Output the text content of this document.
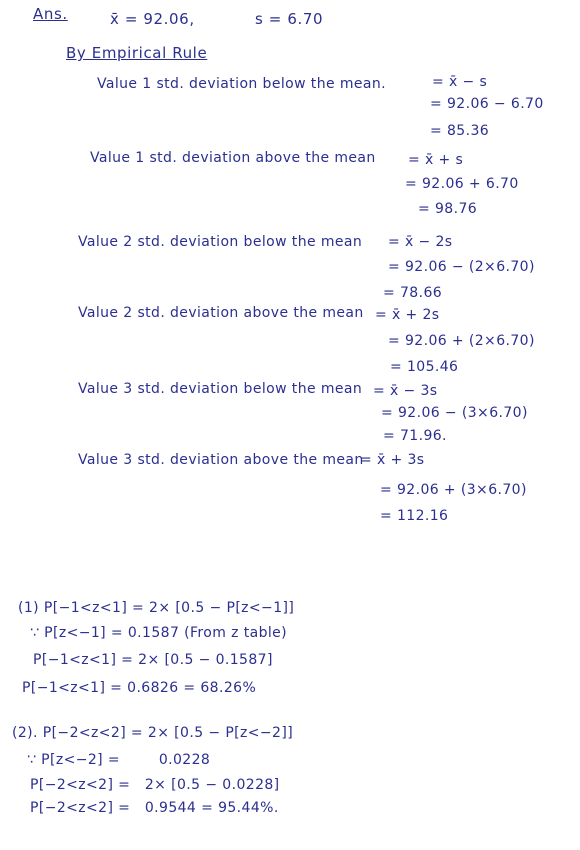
Ans.	x̄ = 92.06,	s = 6.70
By Empirical Rule
Value 1 std. deviation below the mean.	= x̄ − s
= 92.06 − 6.70
= 85.36
Value 1 std. deviation above the mean = x̄ + s
= 92.06 + 6.70
= 98.76
Value 2 std. deviation below the mean = x̄ − 2s
= 92.06 − (2×6.70)
= 78.66
Value 2 std. deviation above the mean = x̄ + 2s
= 92.06 + (2×6.70)
= 105.46
Value 3 std. deviation below the mean = x̄ − 3s
= 92.06 − (3×6.70)
= 71.96.
Value 3 std. deviation above the mean
= x̄ + 3s
= 92.06 + (3×6.70)
= 112.16
(1) P[−1<z<1] = 2× [0.5 − P[z<−1]]
∵ P[z<−1] = 0.1587 (From z table)
P[−1<z<1] = 2× [0.5 − 0.1587]
P[−1<z<1] = 0.6826 = 68.26%
(2). P[−2<z<2] = 2× [0.5 − P[z<−2]]
∵ P[z<−2] =        0.0228
P[−2<z<2] =   2× [0.5 − 0.0228]
P[−2<z<2] =   0.9544 = 95.44%.
